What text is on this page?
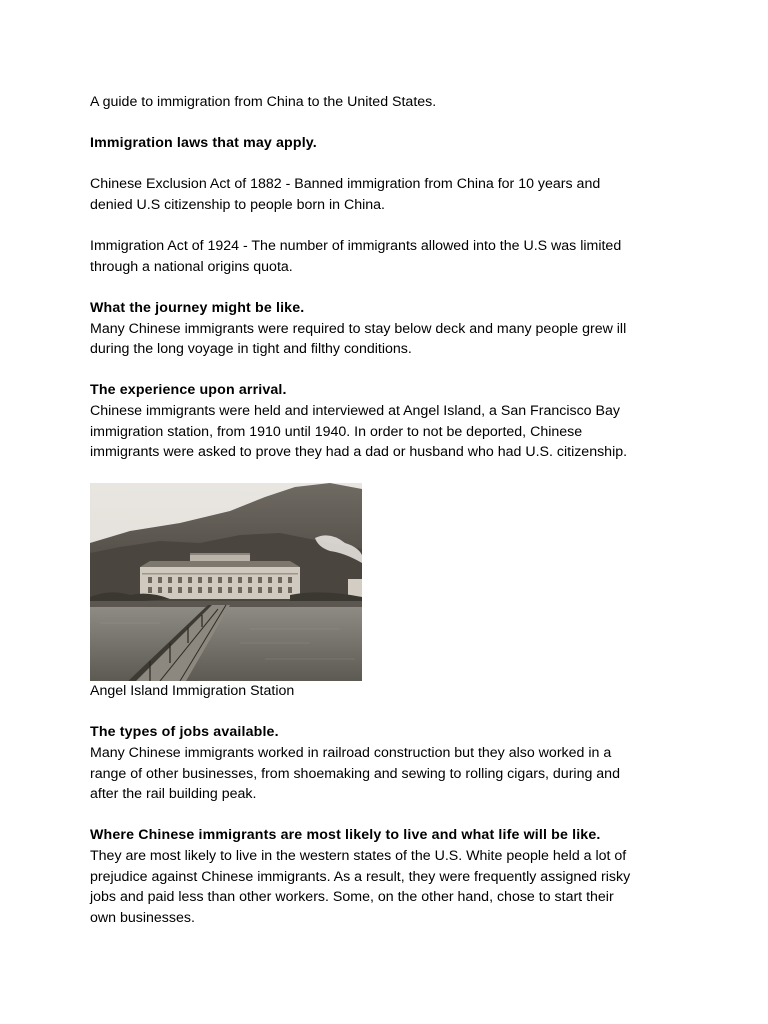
A guide to immigration from China to the United States.

Immigration laws that may apply.

Chinese Exclusion Act of 1882 - Banned immigration from China for 10 years and

denied U.S citizenship to people born in China.

Immigration Act of 1924 - The number of immigrants allowed into the U.S was limited

through a national origins quota.

What the journey might be like.

Many Chinese immigrants were required to stay below deck and many people grew ill

during the long voyage in tight and filthy conditions.

The experience upon arrival.

Chinese immigrants were held and interviewed at Angel Island, a San Francisco Bay

immigration station, from 1910 until 1940. In order to not be deported, Chinese

immigrants were asked to prove they had a dad or husband who had U.S. citizenship.

Angel Island Immigration Station

The types of jobs available.

Many Chinese immigrants worked in railroad construction but they also worked in a

range of other businesses, from shoemaking and sewing to rolling cigars, during and

after the rail building peak.

Where Chinese immigrants are most likely to live and what life will be like.

They are most likely to live in the western states of the U.S. White people held a lot of

prejudice against Chinese immigrants. As a result, they were frequently assigned risky

jobs and paid less than other workers. Some, on the other hand, chose to start their

own businesses.
